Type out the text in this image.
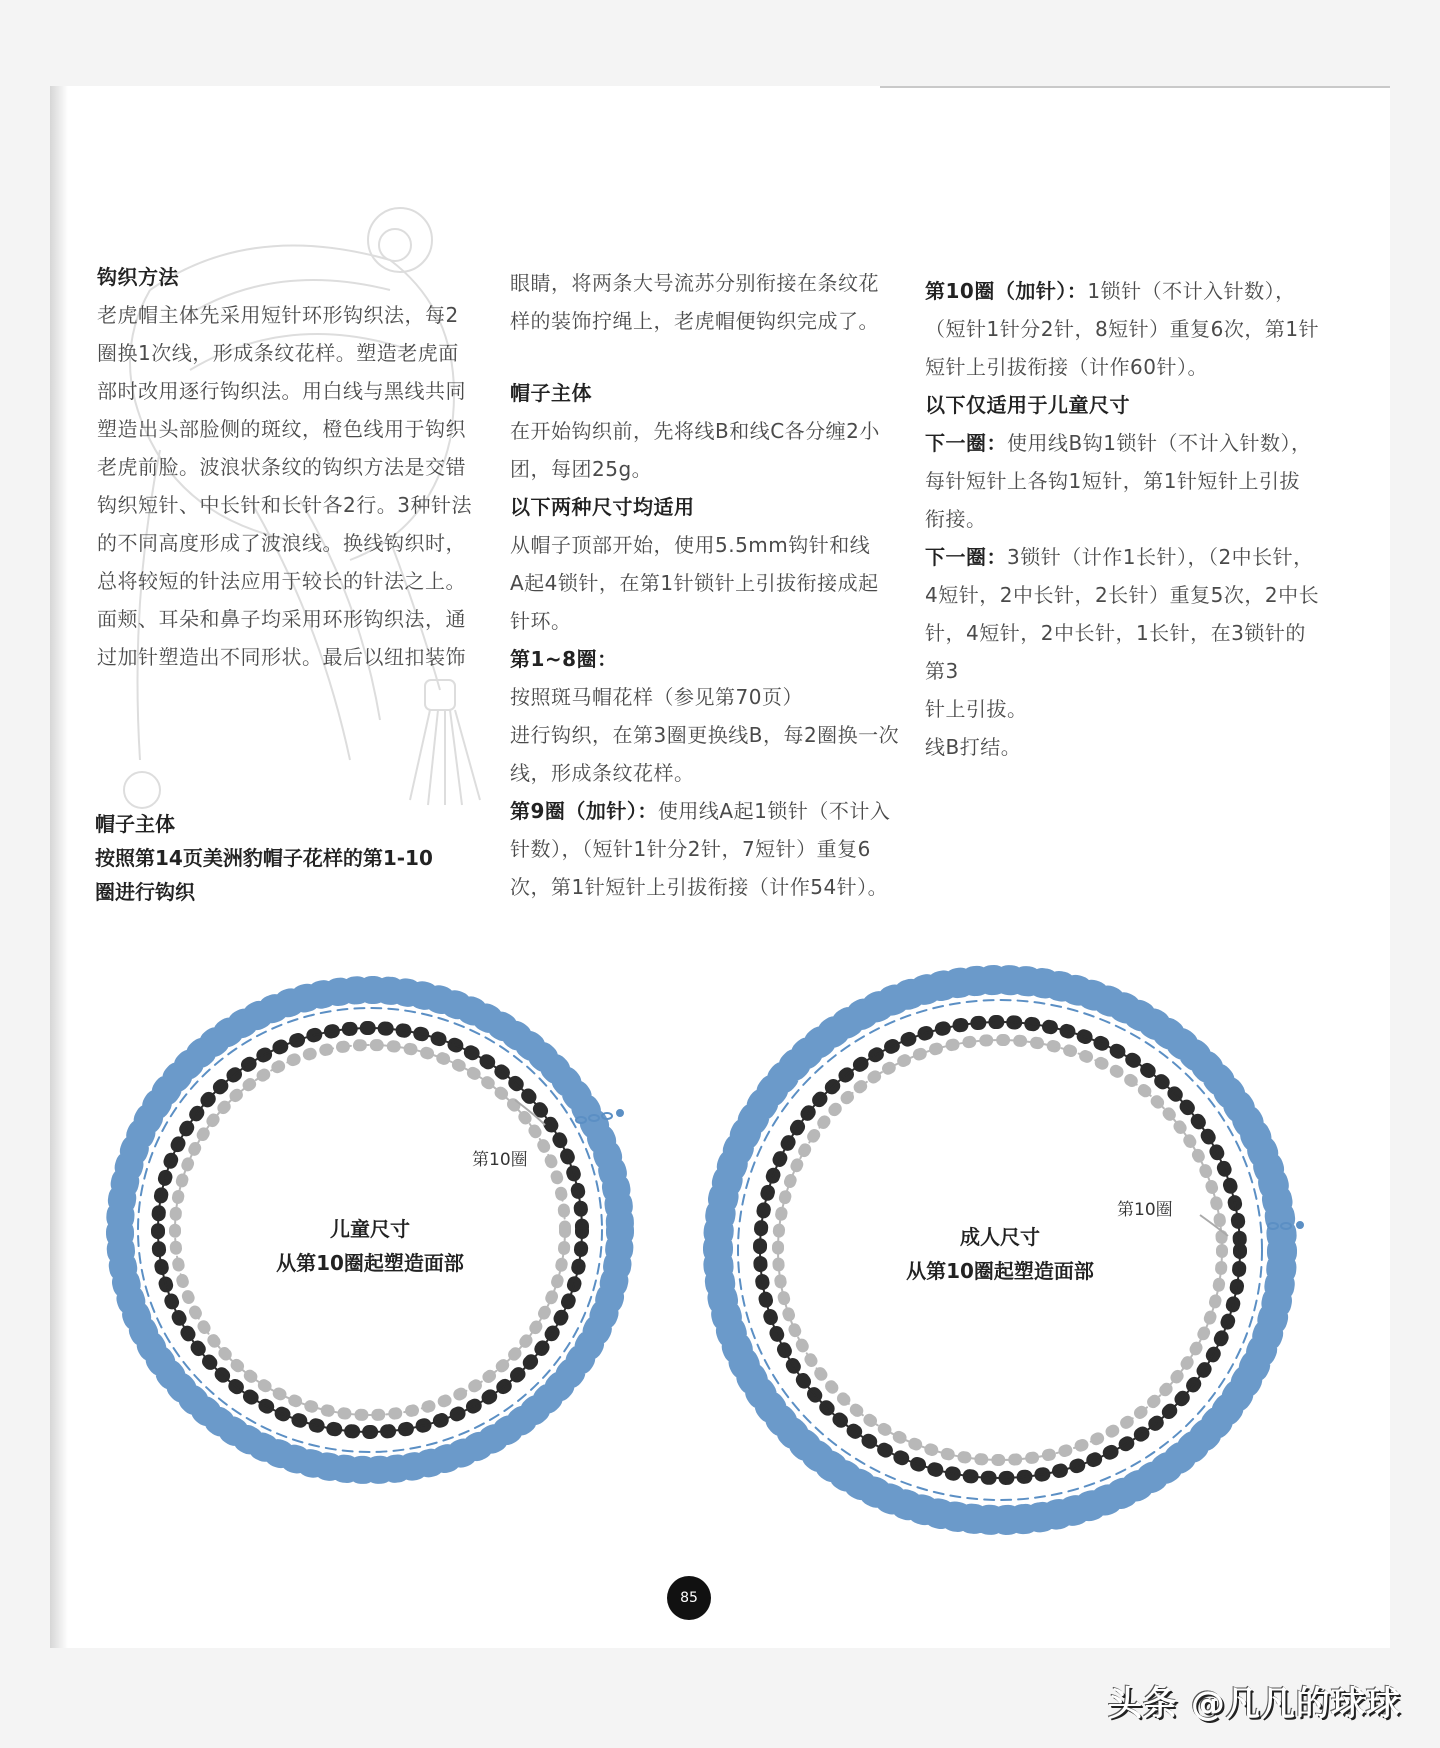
钩织方法
老虎帽主体先采用短针环形钩织法，每2
圈换1次线，形成条纹花样。塑造老虎面
部时改用逐行钩织法。用白线与黑线共同
塑造出头部脸侧的斑纹，橙色线用于钩织
老虎前脸。波浪状条纹的钩织方法是交错
钩织短针、中长针和长针各2行。3种针法
的不同高度形成了波浪线。换线钩织时，
总将较短的针法应用于较长的针法之上。
面颊、耳朵和鼻子均采用环形钩织法，通
过加针塑造出不同形状。最后以纽扣装饰
眼睛，将两条大号流苏分别衔接在条纹花
样的装饰拧绳上，老虎帽便钩织完成了。
帽子主体
在开始钩织前，先将线B和线C各分缠2小
团，每团25g。
以下两种尺寸均适用
从帽子顶部开始，使用5.5mm钩针和线
A起4锁针，在第1针锁针上引拔衔接成起
针环。
第1~8圈：按照斑马帽花样（参见第70页）
进行钩织，在第3圈更换线B，每2圈换一次
线，形成条纹花样。
第9圈（加针）：使用线A起1锁针（不计入
针数），（短针1针分2针，7短针）重复6
次，第1针短针上引拔衔接（计作54针）。
第10圈（加针）：1锁针（不计入针数），
（短针1针分2针，8短针）重复6次，第1针
短针上引拔衔接（计作60针）。
以下仅适用于儿童尺寸
下一圈：使用线B钩1锁针（不计入针数），
每针短针上各钩1短针，第1针短针上引拔
衔接。
下一圈：3锁针（计作1长针），（2中长针，
4短针，2中长针，2长针）重复5次，2中长
针，4短针，2中长针，1长针，在3锁针的第3
针上引拔。
线B打结。
帽子主体
按照第14页美洲豹帽子花样的第1-10
圈进行钩织
第10圈
儿童尺寸
从第10圈起塑造面部
第10圈
成人尺寸
从第10圈起塑造面部
85
头条 @凡凡的球球
